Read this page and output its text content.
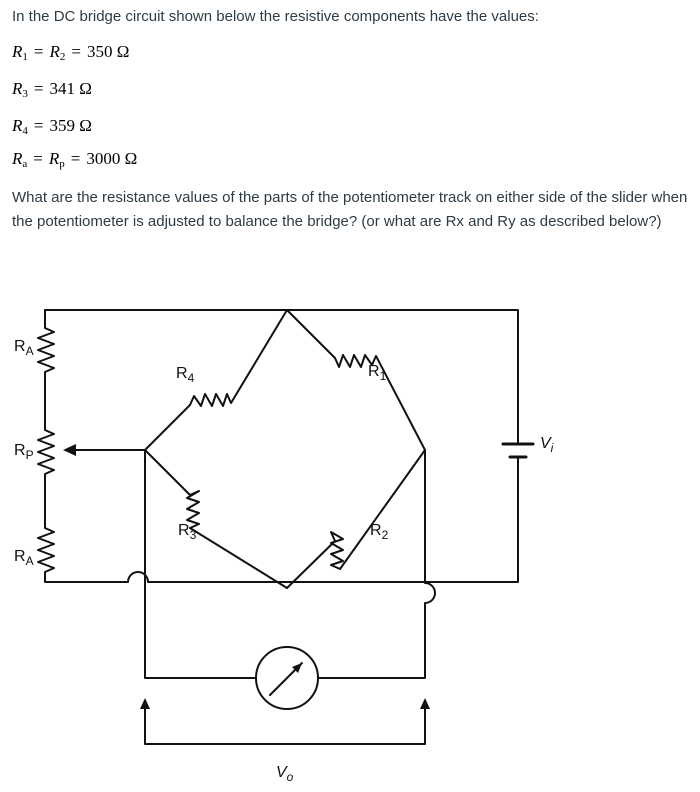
In the DC bridge circuit shown below the resistive components have the values:

$R_1 = R_2 = 350$ Ω
$R_3 = 341$ Ω
$R_4 = 359$ Ω
$R_a = R_p = 3000$ Ω

What are the resistance values of the parts of the potentiometer track on either side of the slider when the potentiometer is adjusted to balance the bridge? (or what are Rx and Ry as described below?)

$R_A$
$R_P$
$R_A$
$R_4$	$R_1$
$R_3$	$R_2$
$V_i$
$V_o$
